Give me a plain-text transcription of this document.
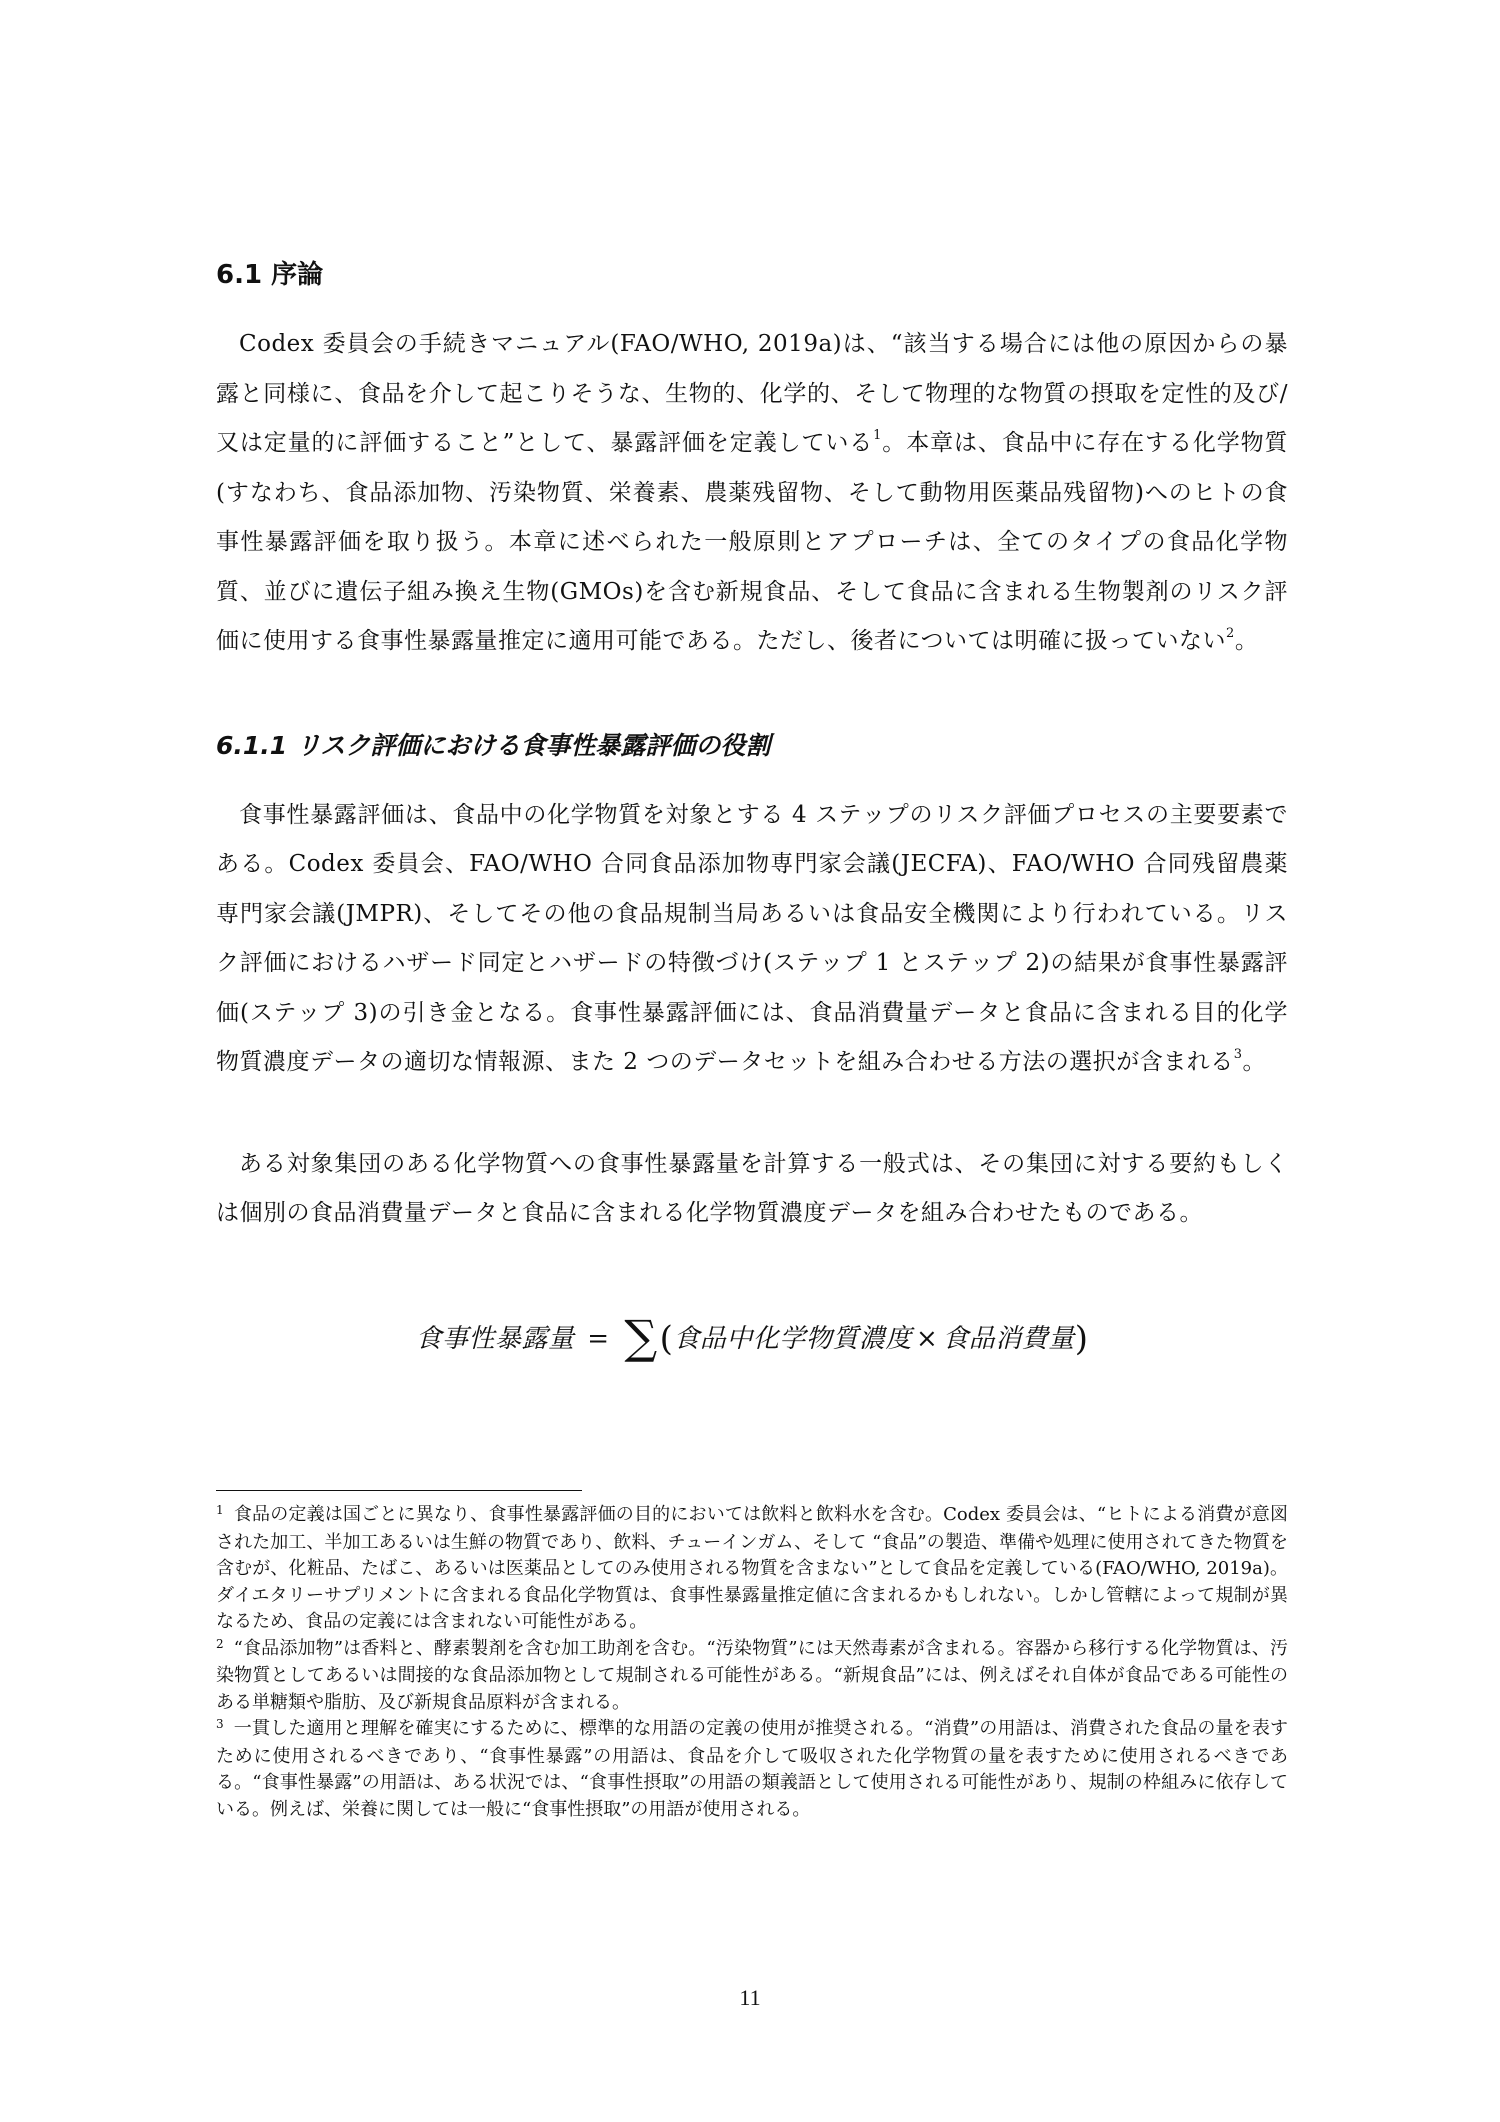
6.1 序論

Codex 委員会の手続きマニュアル(FAO/WHO, 2019a)は、“該当する場合には他の原因からの暴露と同様に、食品を介して起こりそうな、生物的、化学的、そして物理的な物質の摂取を定性的及び/又は定量的に評価すること”として、暴露評価を定義している$^1$。本章は、食品中に存在する化学物質(すなわち、食品添加物、汚染物質、栄養素、農薬残留物、そして動物用医薬品残留物)へのヒトの食事性暴露評価を取り扱う。本章に述べられた一般原則とアプローチは、全てのタイプの食品化学物質、並びに遺伝子組み換え生物(GMOs)を含む新規食品、そして食品に含まれる生物製剤のリスク評価に使用する食事性暴露量推定に適用可能である。ただし、後者については明確に扱っていない$^2$。

6.1.1 リスク評価における食事性暴露評価の役割

食事性暴露評価は、食品中の化学物質を対象とする 4 ステップのリスク評価プロセスの主要要素である。Codex 委員会、FAO/WHO 合同食品添加物専門家会議(JECFA)、FAO/WHO 合同残留農薬専門家会議(JMPR)、そしてその他の食品規制当局あるいは食品安全機関により行われている。リスク評価におけるハザード同定とハザードの特徴づけ(ステップ 1 とステップ 2)の結果が食事性暴露評価(ステップ 3)の引き金となる。食事性暴露評価には、食品消費量データと食品に含まれる目的化学物質濃度データの適切な情報源、また 2 つのデータセットを組み合わせる方法の選択が含まれる$^3$。

ある対象集団のある化学物質への食事性暴露量を計算する一般式は、その集団に対する要約もしくは個別の食品消費量データと食品に含まれる化学物質濃度データを組み合わせたものである。

食事性暴露量 = ∑(食品中化学物質濃度 × 食品消費量)

$^1$ 食品の定義は国ごとに異なり、食事性暴露評価の目的においては飲料と飲料水を含む。Codex 委員会は、“ヒトによる消費が意図された加工、半加工あるいは生鮮の物質であり、飲料、チューインガム、そして “食品”の製造、準備や処理に使用されてきた物質を含むが、化粧品、たばこ、あるいは医薬品としてのみ使用される物質を含まない”として食品を定義している(FAO/WHO, 2019a)。ダイエタリーサプリメントに含まれる食品化学物質は、食事性暴露量推定値に含まれるかもしれない。しかし管轄によって規制が異なるため、食品の定義には含まれない可能性がある。

$^2$ “食品添加物”は香料と、酵素製剤を含む加工助剤を含む。“汚染物質”には天然毒素が含まれる。容器から移行する化学物質は、汚染物質としてあるいは間接的な食品添加物として規制される可能性がある。“新規食品”には、例えばそれ自体が食品である可能性のある単糖類や脂肪、及び新規食品原料が含まれる。

$^3$ 一貫した適用と理解を確実にするために、標準的な用語の定義の使用が推奨される。“消費”の用語は、消費された食品の量を表すために使用されるべきであり、“食事性暴露”の用語は、食品を介して吸収された化学物質の量を表すために使用されるべきである。“食事性暴露”の用語は、ある状況では、“食事性摂取”の用語の類義語として使用される可能性があり、規制の枠組みに依存している。例えば、栄養に関しては一般に“食事性摂取”の用語が使用される。

11
